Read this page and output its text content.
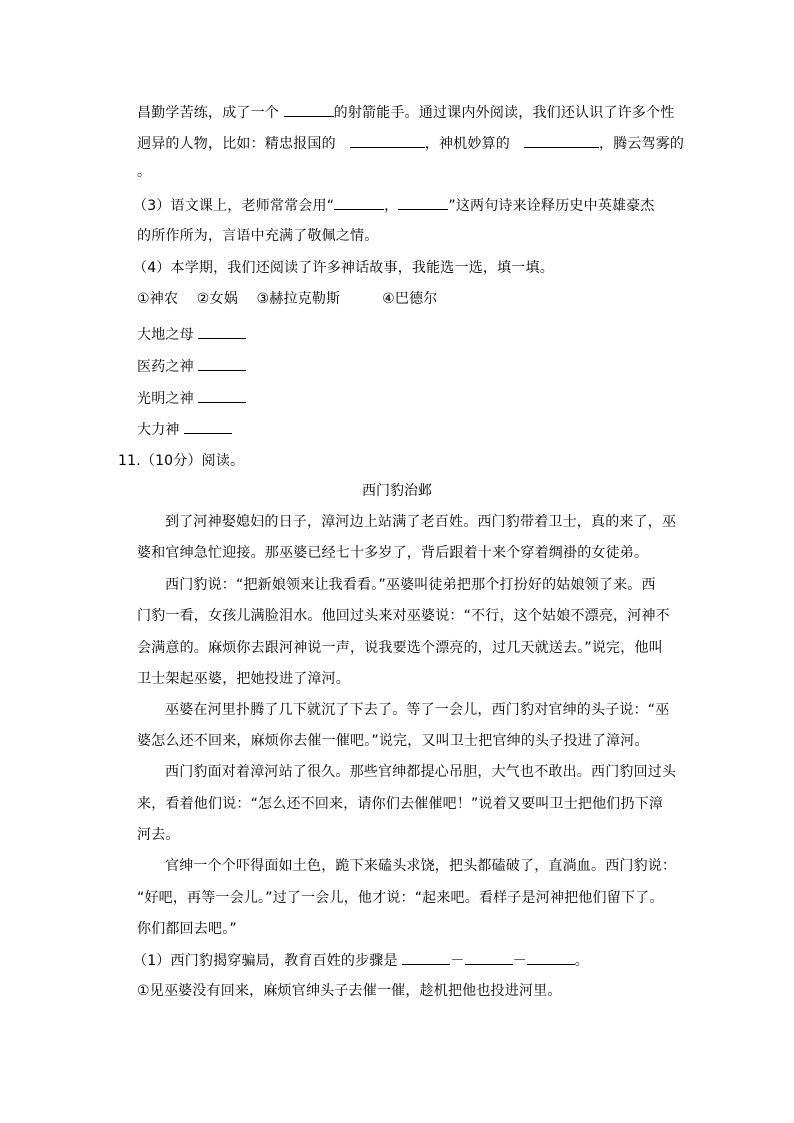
昌勤学苦练，成了一个	的射箭能手。通过课内外阅读，我们还认识了许多个性
迥异的人物，比如：精忠报国的	，神机妙算的	，腾云驾雾的
。
（3）语文课上，老师常常会用“	，	”这两句诗来诠释历史中英雄豪杰
的所作所为，言语中充满了敬佩之情。
（4）本学期，我们还阅读了许多神话故事，我能选一选，填一填。
①神农 ②女娲 ③赫拉克勒斯	④巴德尔
大地之母
医药之神
光明之神
大力神
11.（10分）阅读。
西门豹治邺
到了河神娶媳妇的日子，漳河边上站满了老百姓。西门豹带着卫士，真的来了，巫
婆和官绅急忙迎接。那巫婆已经七十多岁了，背后跟着十来个穿着绸褂的女徒弟。
西门豹说：“把新娘领来让我看看。”巫婆叫徒弟把那个打扮好的姑娘领了来。西
门豹一看，女孩儿满脸泪水。他回过头来对巫婆说：“不行，这个姑娘不漂亮，河神不
会满意的。麻烦你去跟河神说一声，说我要选个漂亮的，过几天就送去。”说完，他叫
卫士架起巫婆，把她投进了漳河。
巫婆在河里扑腾了几下就沉了下去了。等了一会儿，西门豹对官绅的头子说：“巫
婆怎么还不回来，麻烦你去催一催吧。”说完，又叫卫士把官绅的头子投进了漳河。
西门豹面对着漳河站了很久。那些官绅都提心吊胆，大气也不敢出。西门豹回过头
来，看着他们说：“怎么还不回来，请你们去催催吧！”说着又要叫卫士把他们扔下漳
河去。
官绅一个个吓得面如土色，跪下来磕头求饶，把头都磕破了，直淌血。西门豹说：
“好吧，再等一会儿。”过了一会儿，他才说：“起来吧。看样子是河神把他们留下了。
你们都回去吧。”
（1）西门豹揭穿骗局，教育百姓的步骤是	－	－	。
①见巫婆没有回来，麻烦官绅头子去催一催，趁机把他也投进河里。
